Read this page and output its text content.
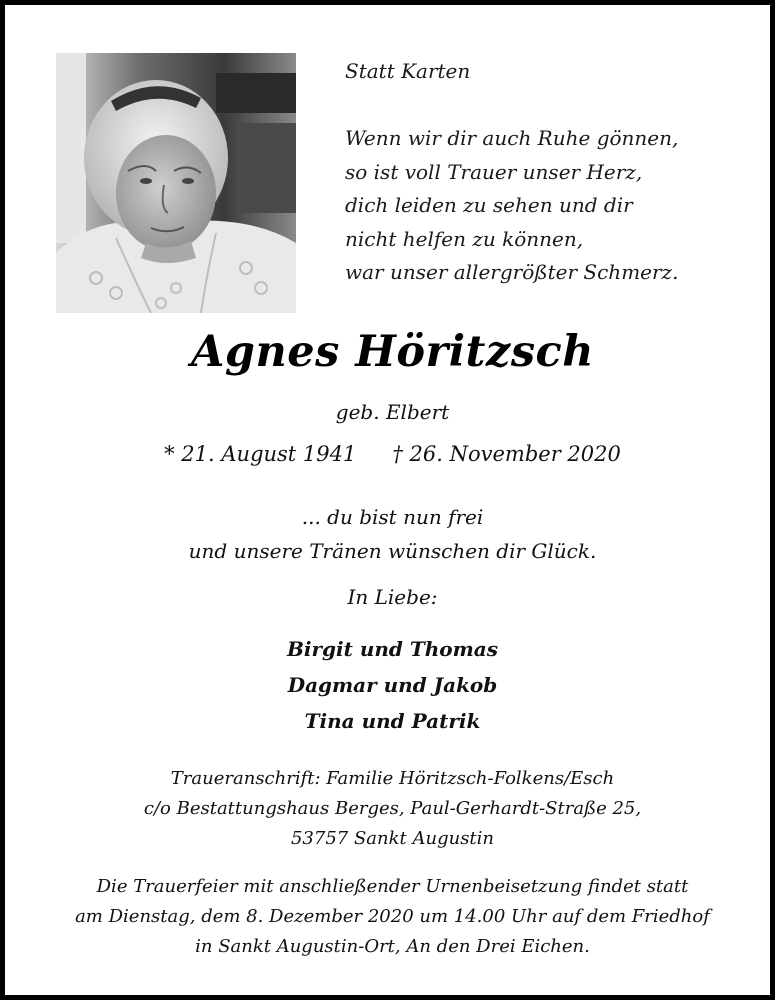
Statt Karten
Wenn wir dir auch Ruhe gönnen,
so ist voll Trauer unser Herz,
dich leiden zu sehen und dir
nicht helfen zu können,
war unser allergrößter Schmerz.
Agnes Höritzsch
geb. Elbert
* 21. August 1941 † 26. November 2020
... du bist nun frei
und unsere Tränen wünschen dir Glück.
In Liebe:
Birgit und Thomas
Dagmar und Jakob
Tina und Patrik
Traueranschrift: Familie Höritzsch-Folkens/Esch
c/o Bestattungshaus Berges, Paul-Gerhardt-Straße 25,
53757 Sankt Augustin
Die Trauerfeier mit anschließender Urnenbeisetzung findet statt
am Dienstag, dem 8. Dezember 2020 um 14.00 Uhr auf dem Friedhof
in Sankt Augustin-Ort, An den Drei Eichen.
